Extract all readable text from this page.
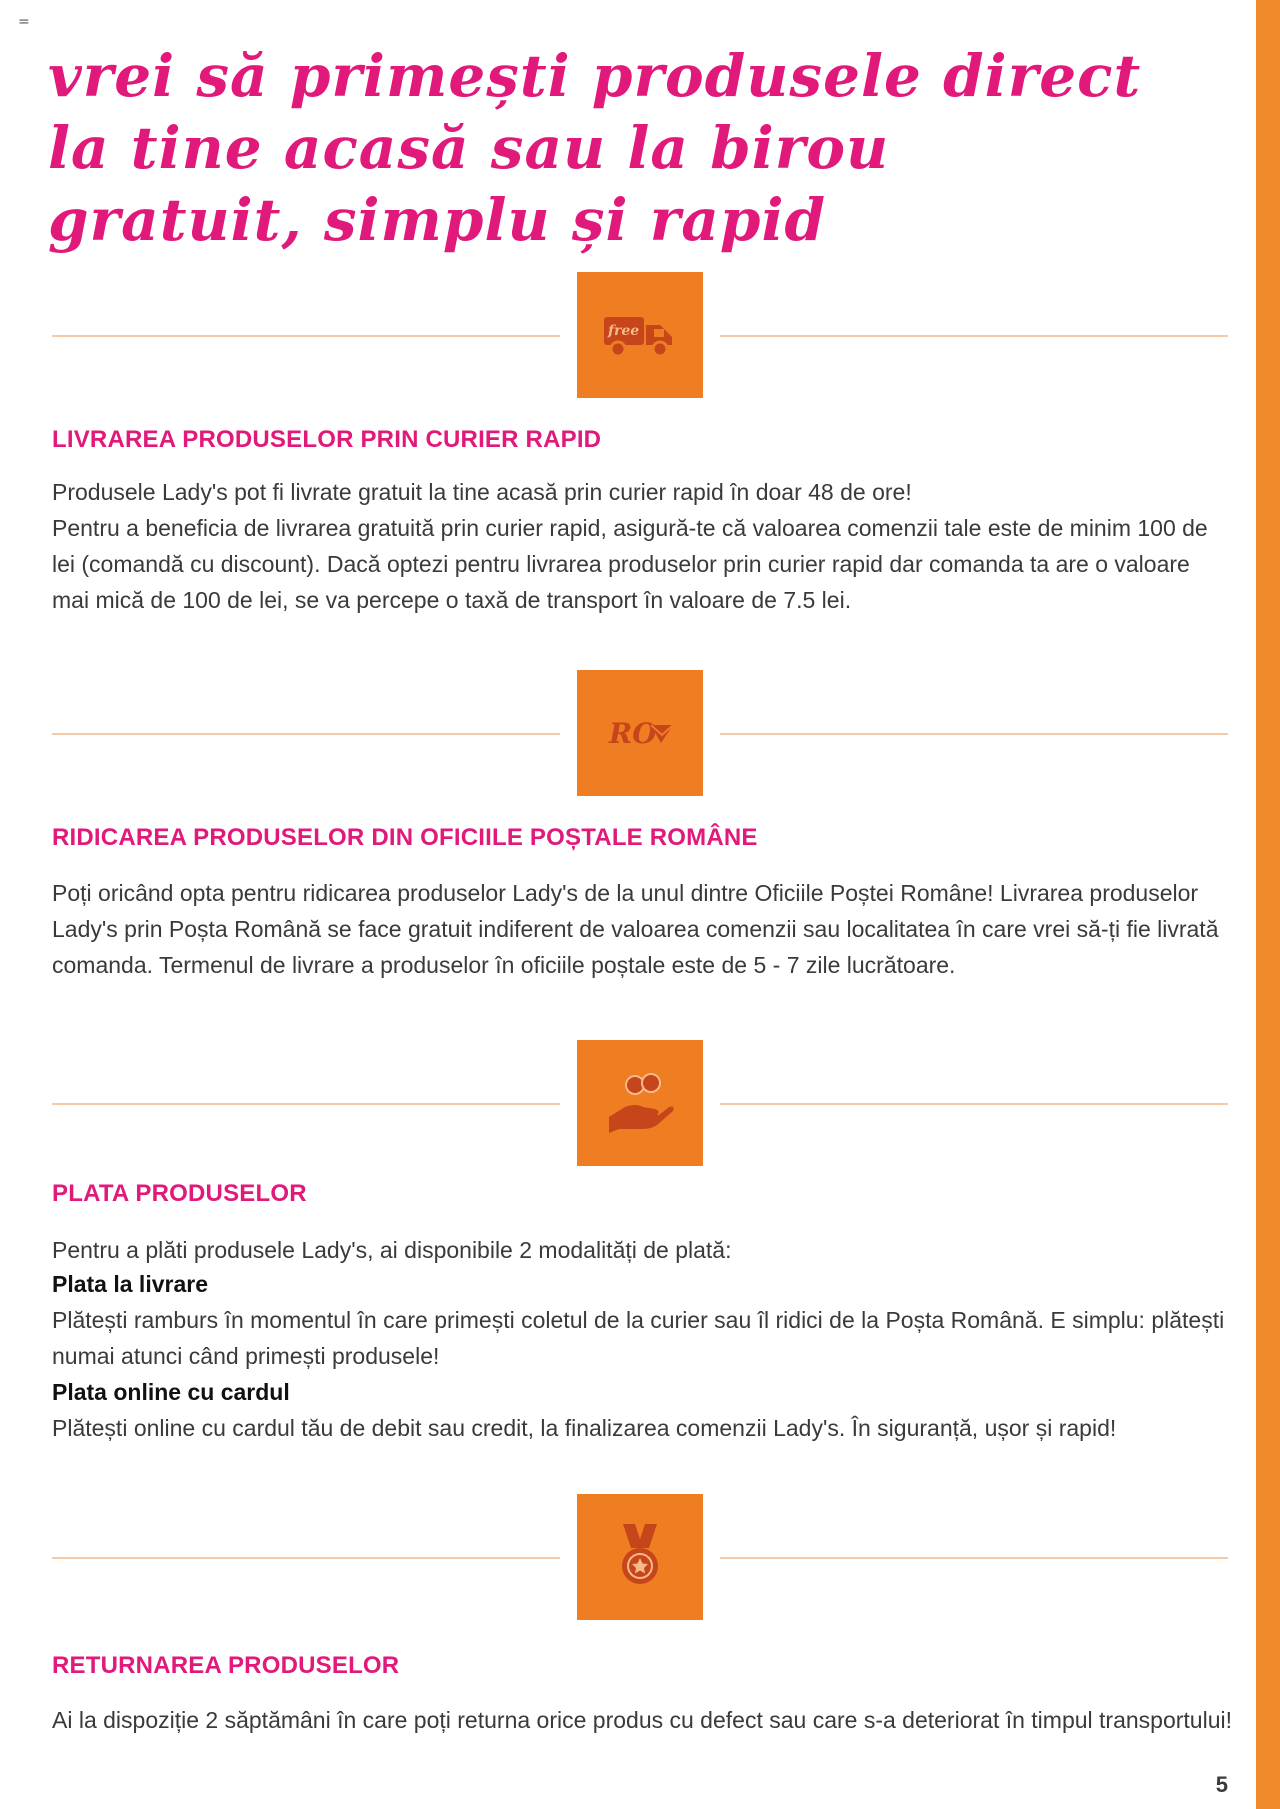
=
vrei să primești produsele direct
la tine acasă sau la birou
gratuit, simplu și rapid
free
LIVRAREA PRODUSELOR PRIN CURIER RAPID

Produsele Lady's pot fi livrate gratuit la tine acasă prin curier rapid în doar 48 de ore!

Pentru a beneficia de livrarea gratuită prin curier rapid, asigură-te că valoarea comenzii tale este de minim 100 de lei (comandă cu discount). Dacă optezi pentru livrarea produselor prin curier rapid dar comanda ta are o valoare mai mică de 100 de lei, se va percepe o taxă de transport în valoare de 7.5 lei.

RO
RIDICAREA PRODUSELOR DIN OFICIILE POȘTALE ROMÂNE

Poți oricând opta pentru ridicarea produselor Lady's de la unul dintre Oficiile Poștei Române! Livrarea produselor Lady's prin Poșta Română se face gratuit indiferent de valoarea comenzii sau localitatea în care vrei să-ți fie livrată comanda. Termenul de livrare a produselor în oficiile poștale este de 5 - 7 zile lucrătoare.

PLATA PRODUSELOR

Pentru a plăti produsele Lady's, ai disponibile 2 modalități de plată:

Plata la livrare

Plătești ramburs în momentul în care primești coletul de la curier sau îl ridici de la Poșta Română. E simplu: plătești numai atunci când primești produsele!

Plata online cu cardul

Plătești online cu cardul tău de debit sau credit, la finalizarea comenzii Lady's. În siguranță, ușor și rapid!

RETURNAREA PRODUSELOR

Ai la dispoziție 2 săptămâni în care poți returna orice produs cu defect sau care s-a deteriorat în timpul transportului!

5
